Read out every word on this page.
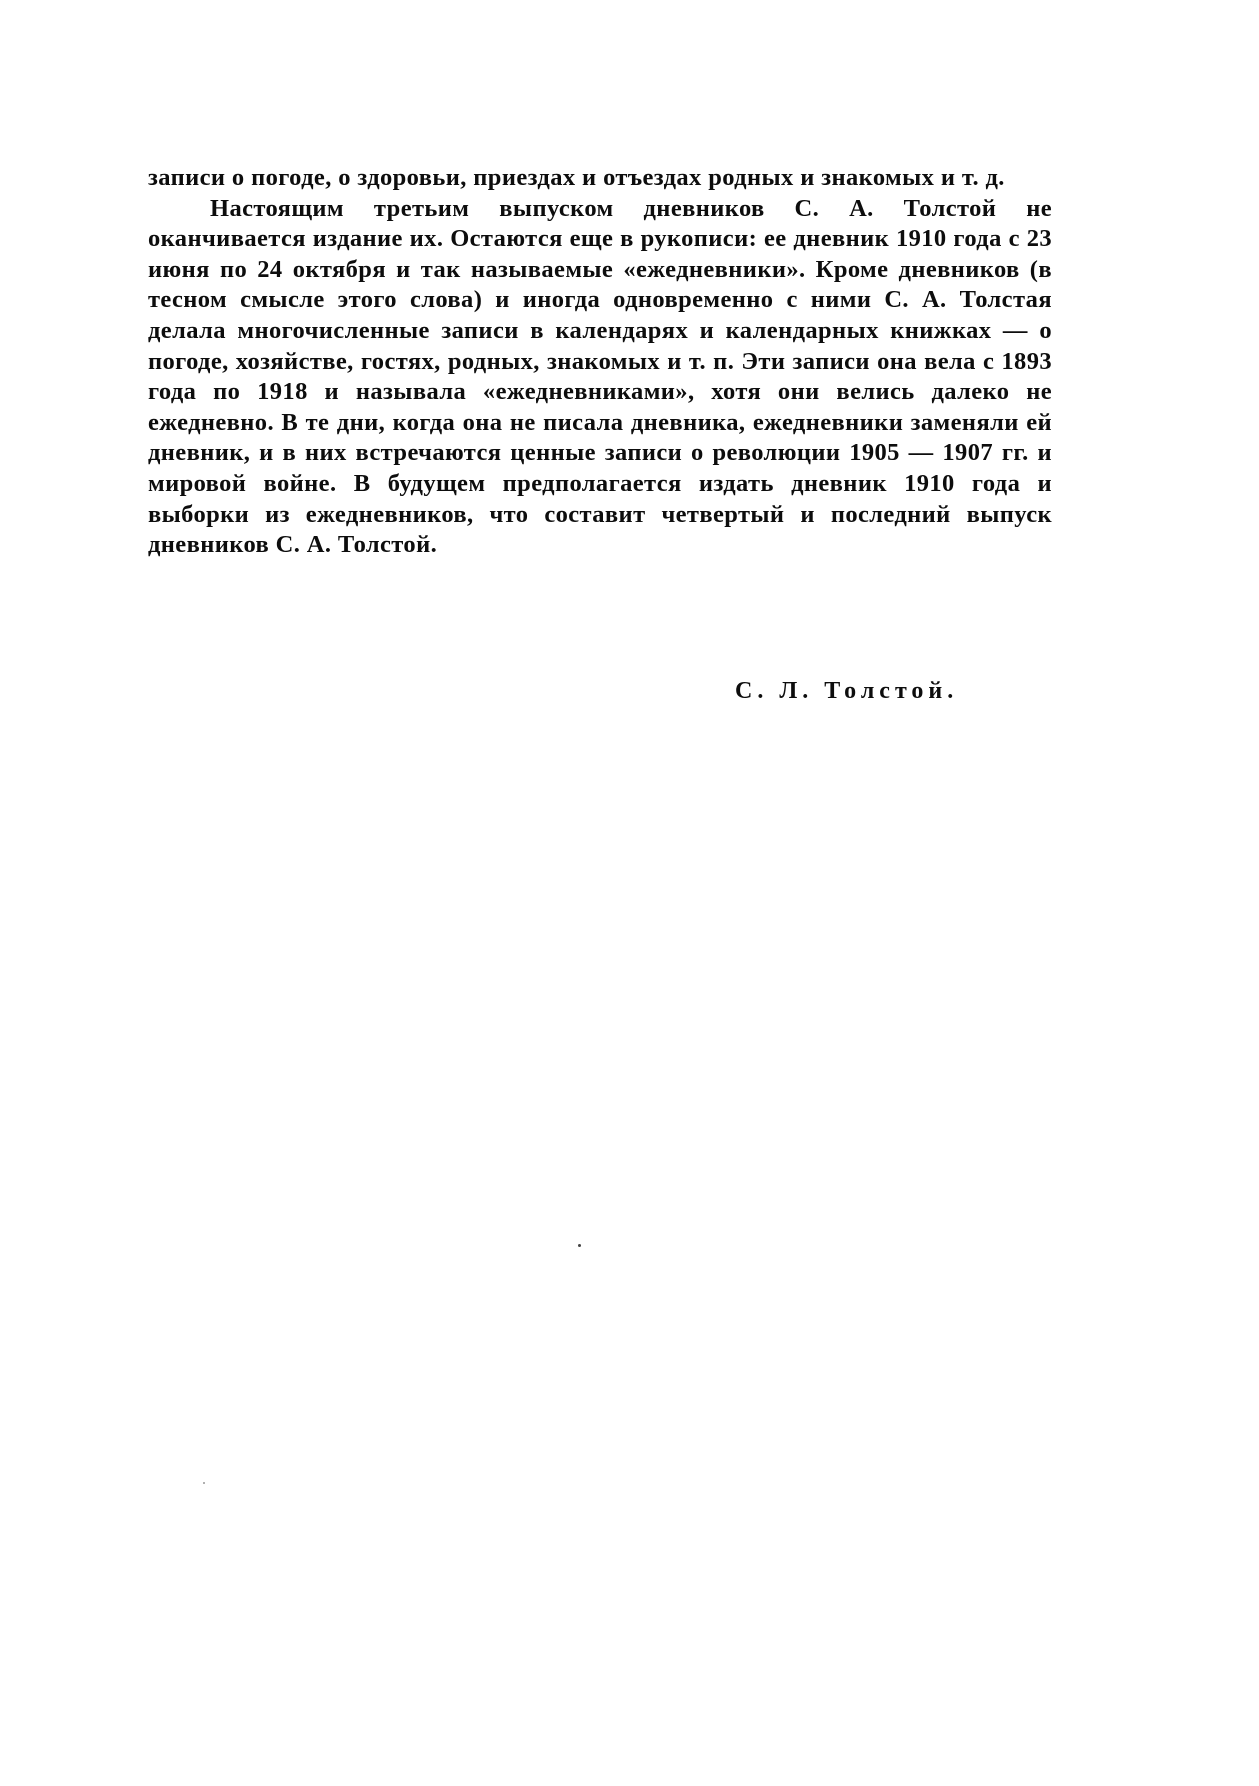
записи о погоде, о здоровьи, приездах и отъездах родных и знакомых и т. д.

Настоящим третьим выпуском дневников С. А. Толстой не оканчивается издание их. Остаются еще в рукописи: ее дневник 1910 года с 23 июня по 24 октября и так называемые «ежедневники». Кроме дневников (в тесном смысле этого слова) и иногда одновременно с ними С. А. Толстая делала многочисленные записи в календарях и календарных книжках — о погоде, хозяйстве, гостях, родных, знакомых и т. п. Эти записи она вела с 1893 года по 1918 и называла «ежедневниками», хотя они велись далеко не ежедневно. В те дни, когда она не писала дневника, ежедневники заменяли ей дневник, и в них встречаются ценные записи о революции 1905 — 1907 гг. и мировой войне. В будущем предполагается издать дневник 1910 года и выборки из ежедневников, что составит четвертый и последний выпуск дневников С. А. Толстой.

С. Л. Толстой.
